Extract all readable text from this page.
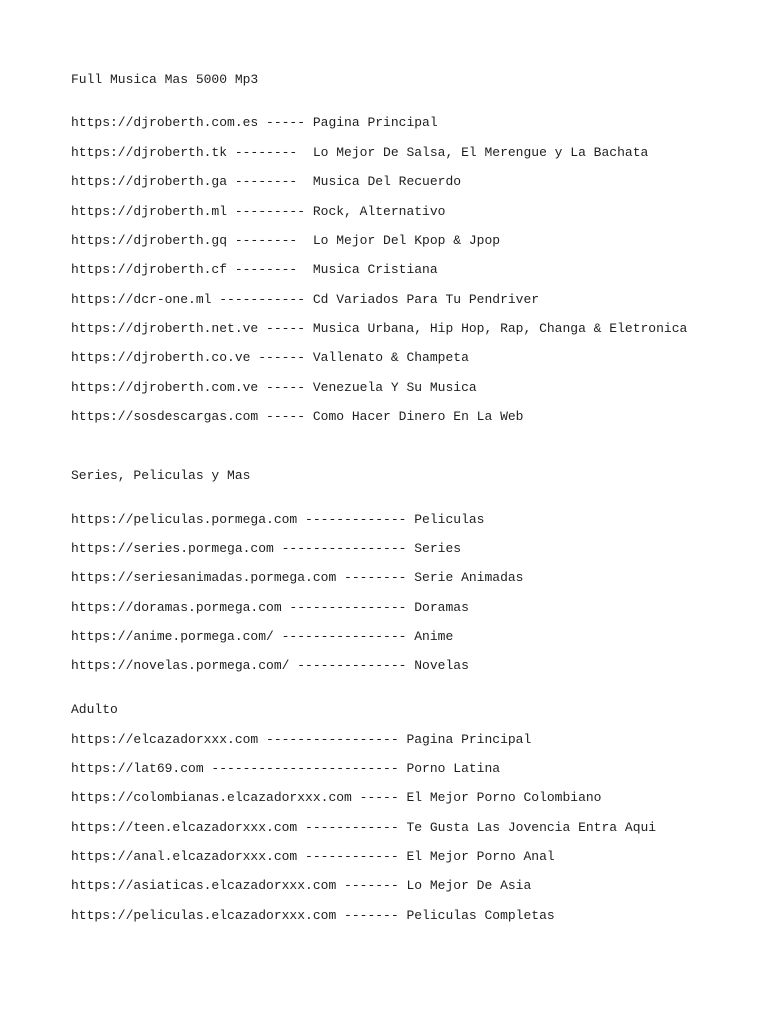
Full Musica Mas 5000 Mp3
https://djroberth.com.es ----- Pagina Principal
https://djroberth.tk --------  Lo Mejor De Salsa, El Merengue y La Bachata
https://djroberth.ga --------  Musica Del Recuerdo
https://djroberth.ml --------- Rock, Alternativo
https://djroberth.gq --------  Lo Mejor Del Kpop & Jpop
https://djroberth.cf --------  Musica Cristiana
https://dcr-one.ml ----------- Cd Variados Para Tu Pendriver
https://djroberth.net.ve ----- Musica Urbana, Hip Hop, Rap, Changa & Eletronica
https://djroberth.co.ve ------ Vallenato & Champeta
https://djroberth.com.ve ----- Venezuela Y Su Musica
https://sosdescargas.com ----- Como Hacer Dinero En La Web
Series, Peliculas y Mas
https://peliculas.pormega.com ------------- Peliculas
https://series.pormega.com ---------------- Series
https://seriesanimadas.pormega.com -------- Serie Animadas
https://doramas.pormega.com --------------- Doramas
https://anime.pormega.com/ ---------------- Anime
https://novelas.pormega.com/ -------------- Novelas
Adulto
https://elcazadorxxx.com ----------------- Pagina Principal
https://lat69.com ------------------------ Porno Latina
https://colombianas.elcazadorxxx.com ----- El Mejor Porno Colombiano
https://teen.elcazadorxxx.com ------------ Te Gusta Las Jovencia Entra Aqui
https://anal.elcazadorxxx.com ------------ El Mejor Porno Anal
https://asiaticas.elcazadorxxx.com ------- Lo Mejor De Asia
https://peliculas.elcazadorxxx.com ------- Peliculas Completas
